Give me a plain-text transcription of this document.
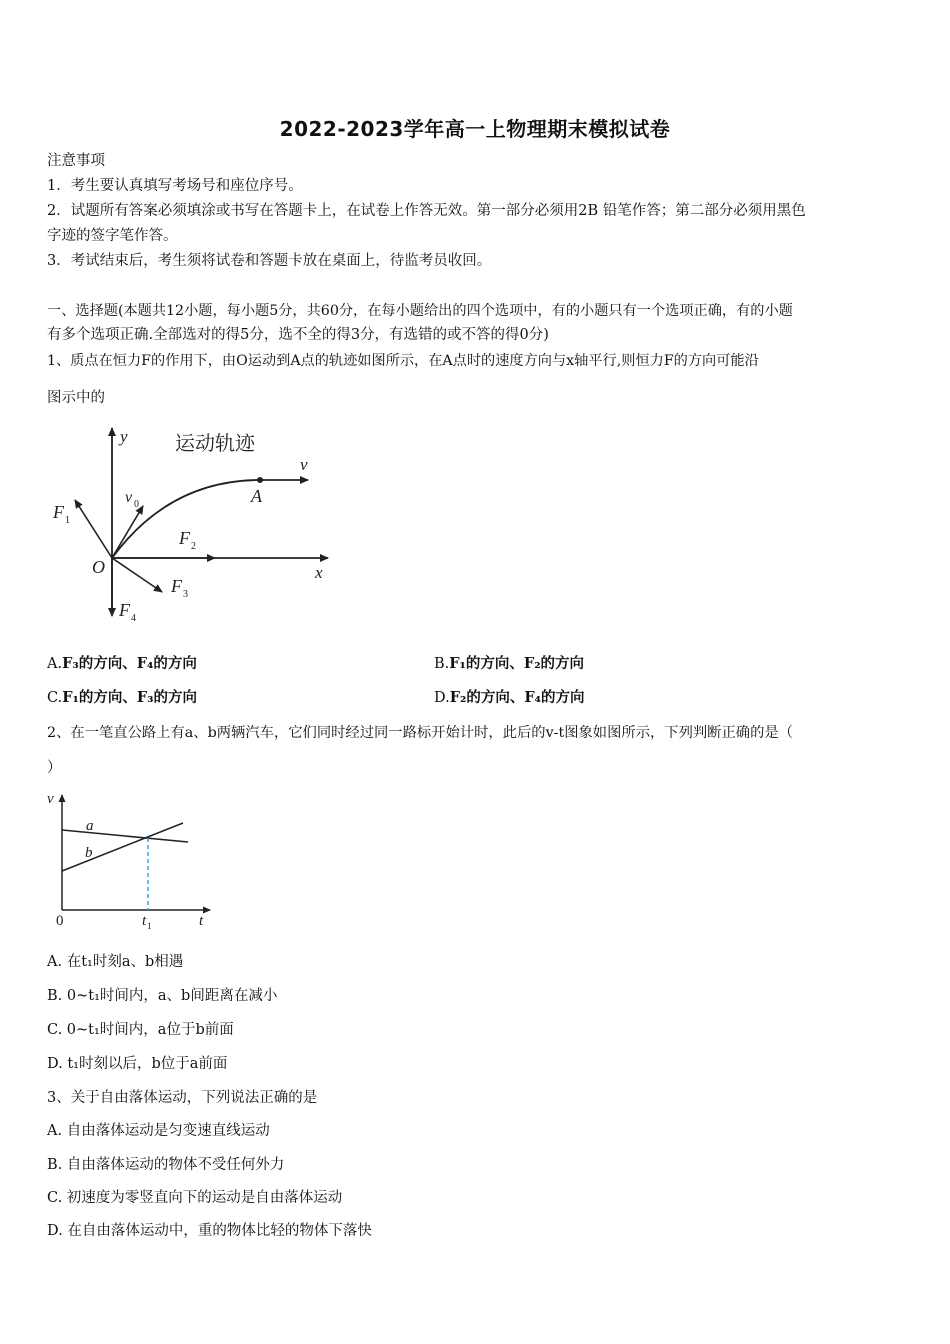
2022-2023学年高一上物理期末模拟试卷
注意事项
1．考生要认真填写考场号和座位序号。
2．试题所有答案必须填涂或书写在答题卡上，在试卷上作答无效。第一部分必须用2B 铅笔作答；第二部分必须用黑色
字迹的签字笔作答。
3．考试结束后，考生须将试卷和答题卡放在桌面上，待监考员收回。
一、选择题(本题共12小题，每小题5分，共60分，在每小题给出的四个选项中，有的小题只有一个选项正确，有的小题
有多个选项正确.全部选对的得5分，选不全的得3分，有选错的或不答的得0分)
1、质点在恒力F的作用下，由O运动到A点的轨迹如图所示，在A点时的速度方向与x轴平行,则恒力F的方向可能沿
图示中的
运动轨迹
y
x
O
A
v
v 0
F 1
F 2
F 3
F 4
A.F₃的方向、F₄的方向	B.F₁的方向、F₂的方向
C.F₁的方向、F₃的方向	D.F₂的方向、F₄的方向
2、在一笔直公路上有a、b两辆汽车，它们同时经过同一路标开始计时，此后的v-t图象如图所示，下列判断正确的是（
）
v
t
0
a
b
t 1
A. 在t₁时刻a、b相遇
B. 0~t₁时间内，a、b间距离在减小
C. 0~t₁时间内，a位于b前面
D. t₁时刻以后，b位于a前面
3、关于自由落体运动，下列说法正确的是
A. 自由落体运动是匀变速直线运动
B. 自由落体运动的物体不受任何外力
C. 初速度为零竖直向下的运动是自由落体运动
D. 在自由落体运动中，重的物体比轻的物体下落快
